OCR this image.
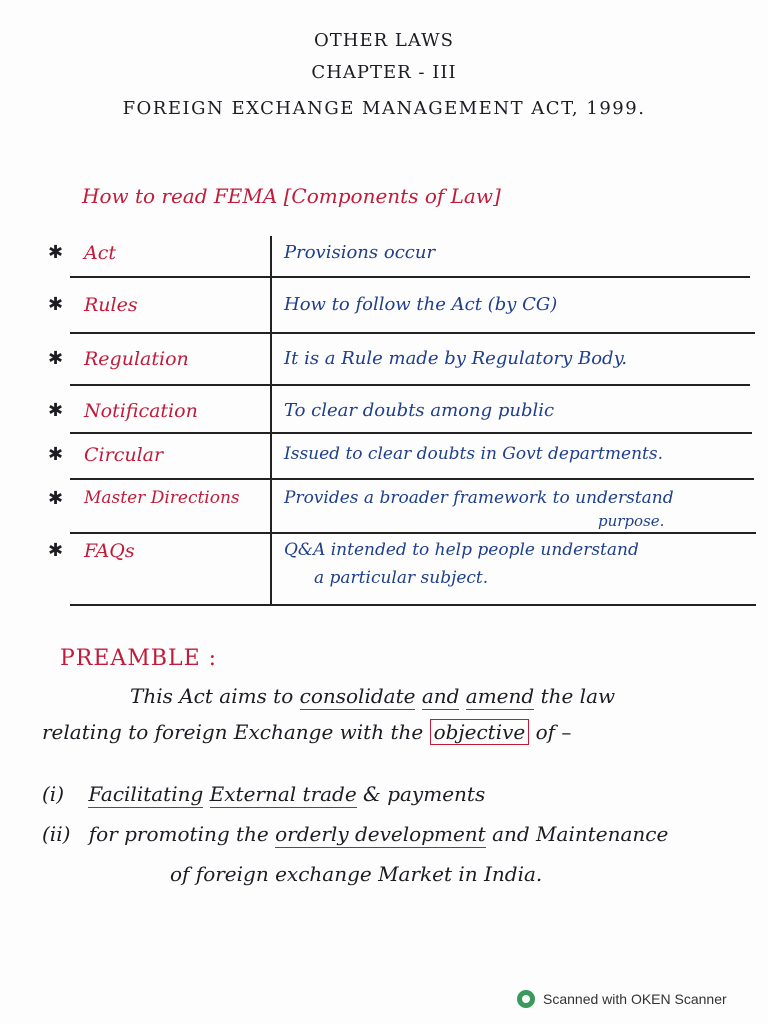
OTHER LAWS
CHAPTER - III
FOREIGN EXCHANGE MANAGEMENT ACT, 1999.
How to read FEMA [Components of Law]
✱ Act	Provisions occur
✱ Rules	How to follow the Act (by CG)
✱ Regulation	It is a Rule made by Regulatory Body.
✱ Notification	To clear doubts among public
✱ Circular	Issued to clear doubts in Govt departments.
✱ Master Directions	Provides a broader framework to understand
purpose.
✱ FAQs	Q&A intended to help people understand
a particular subject.
PREAMBLE :
This Act aims to consolidate and amend the law
relating to foreign Exchange with the objective of –
(i) Facilitating External trade & payments
(ii) for promoting the orderly development and Maintenance
of foreign exchange Market in India.
Scanned with OKEN Scanner
